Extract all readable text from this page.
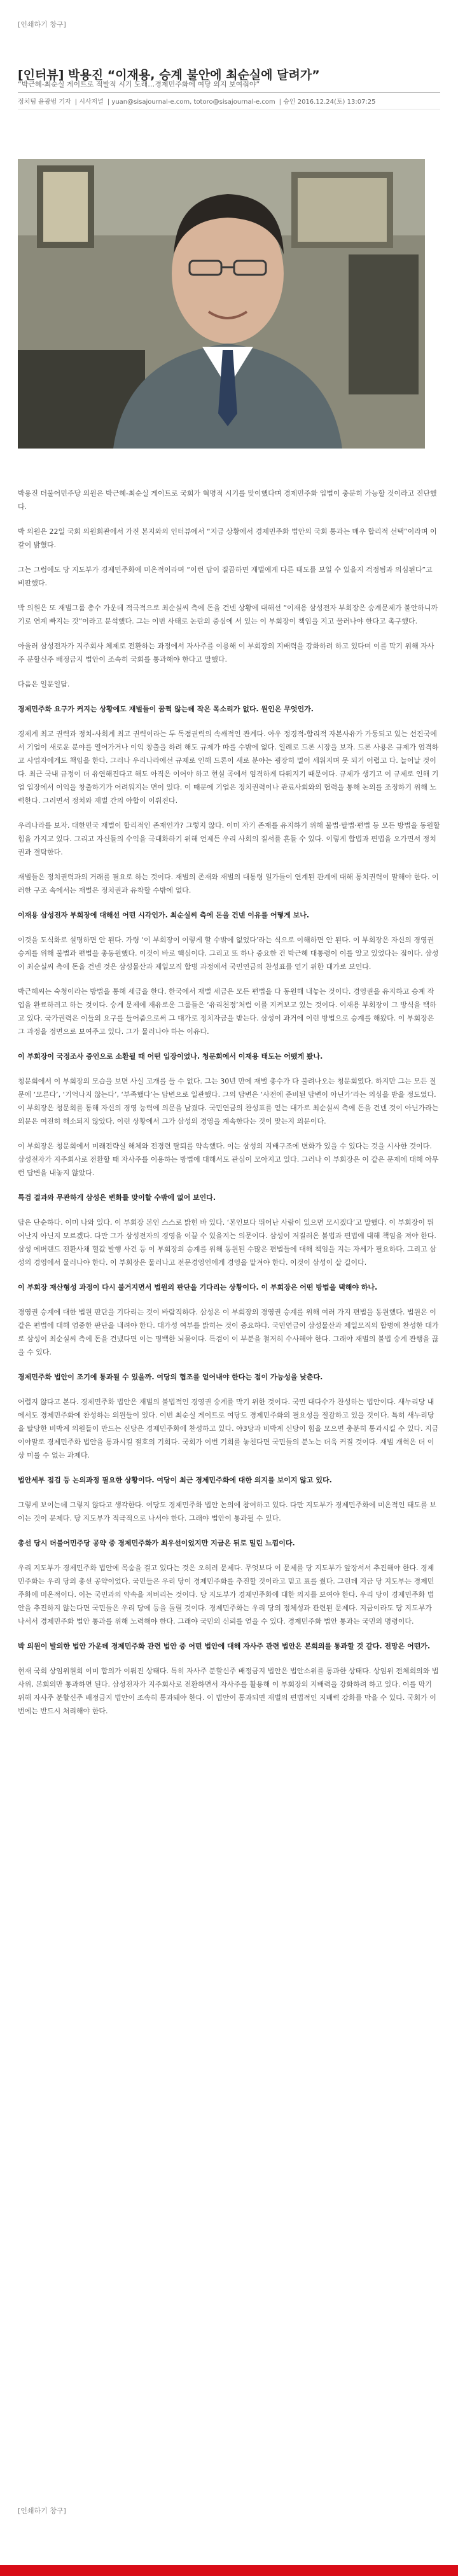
[인쇄하기 창구]
[인터뷰] 박용진 “이재용, 승계 불안에 최순실에 달려가”
“박근혜-최순실 게이트로 적발적 시기 도래…경제민주화에 여당 의지 보여줘야”
정치팀 윤광범 기자 | 시사저널 | yuan@sisajournal-e.com, totoro@sisajournal-e.com | 승인 2016.12.24(토) 13:07:25

박용진 더불어민주당 의원은 박근혜-최순실 게이트로 국회가 혁명적 시기를 맞이했다며 경제민주화 입법이 충분히 가능할 것이라고 진단했다.

박 의원은 22일 국회 의원회관에서 가진 본지와의 인터뷰에서 “지금 상황에서 경제민주화 법안의 국회 통과는 매우 합리적 선택”이라며 이같이 밝혔다.

그는 그럼에도 당 지도부가 경제민주화에 미온적이라며 “이런 답이 질끔하면 재벌에게 다른 태도를 보일 수 있을지 걱정됨과 의심된다”고 비판했다.

박 의원은 또 재벌그룹 총수 가운데 적극적으로 최순실씨 측에 돈을 건넨 상황에 대해선 “이재용 삼성전자 부회장은 승계문제가 불안하니까 기로 연계 빠지는 것”이라고 분석했다. 그는 이번 사태로 논란의 중심에 서 있는 이 부회장이 책임을 지고 물러나야 한다고 촉구했다.

아울러 삼성전자가 지주회사 체제로 전환하는 과정에서 자사주를 이용해 이 부회장의 지배력을 강화하려 하고 있다며 이를 막기 위해 자사주 분할신주 배정금지 법안이 조속히 국회를 통과해야 한다고 말했다.

다음은 일문일답.

경제민주화 요구가 커지는 상황에도 재벌들이 꿈쩍 않는데 작은 목소리가 없다. 원인은 무엇인가.

경제계 최고 권력과 정치-사회계 최고 권력이라는 두 독점권력의 속깨적인 관계다. 아우 정경적-합리적 자본사유가 가동되고 있는 선진국에서 기업이 새로운 분야를 열어가거나 이익 창출을 하려 해도 규제가 따를 수밖에 없다. 일례로 드론 시장을 보자. 드론 사용은 규제가 엄격하고 사업자에게도 책임을 한다. 그러나 우리나라에선 규제로 인해 드론이 새로 분야는 굉장히 멀어 세워지며 못 되기 어렵고 다. 늘어날 것이다. 최근 국내 규정이 더 유연해진다고 해도 아직은 이어야 하고 현실 곡에서 엄격하게 다뤄지기 때문이다. 규제가 생기고 이 규제로 인해 기업 입장에서 이익을 창출하기가 어려워지는 면이 있다. 이 때문에 기업은 정치권력이나 관료사회와의 협력을 통해 논의를 조정하기 위해 노력한다. 그러면서 정치와 재벌 간의 야합이 이뤄진다.

우리나라를 보자. 대한민국 재벌이 합리적인 존재인가? 그렇지 않다. 이미 자기 존재를 유지하기 위해 불법·탈법·편법 등 모든 방법을 동원할 힘을 가지고 있다. 그리고 자신들의 수익을 극대화하기 위해 언제든 우리 사회의 질서를 흔들 수 있다. 이렇게 합법과 편법을 오가면서 정치권과 결탁한다.

재벌들은 정치권력과의 거래를 필요로 하는 것이다. 재벌의 존재와 재벌의 대통령 일가들이 연계된 관계에 대해 통치권력이 말해야 한다. 이러한 구조 속에서는 재벌은 정치권과 유착할 수밖에 없다.

이재용 삼성전자 부회장에 대해선 어떤 시각인가. 최순실씨 측에 돈을 건넨 이유를 어떻게 보나.

이것을 도식화로 설명하면 안 된다. 가령 ‘이 부회장이 이렇게 할 수밖에 없었다’라는 식으로 이해하면 안 된다. 이 부회장은 자신의 경영권 승계를 위해 불법과 편법을 총동원했다. 이것이 바로 핵심이다. 그리고 또 하나 중요한 건 박근혜 대통령이 이를 알고 있었다는 점이다. 삼성이 최순실씨 측에 돈을 건넨 것은 삼성물산과 제일모직 합병 과정에서 국민연금의 찬성표를 얻기 위한 대가로 보인다.

박근혜씨는 숙청이라는 방법을 통해 세금을 한다. 한국에서 재벌 세금은 모든 편법을 다 동원해 내놓는 것이다. 경영권을 유지하고 승계 작업을 완료하려고 하는 것이다. 승계 문제에 재유로운 그룹들은 ‘유리천정’처럼 이를 지켜보고 있는 것이다. 이재용 부회장이 그 방식을 택하고 있다. 국가권력은 이들의 요구를 들어줌으로써 그 대가로 정치자금을 받는다. 삼성이 과거에 이런 방법으로 승계를 해왔다. 이 부회장은 그 과정을 정면으로 보여주고 있다. 그가 물러나야 하는 이유다.

이 부회장이 국정조사 증인으로 소환될 때 어떤 입장이었나. 청문회에서 이재용 태도는 어땠게 봤나.

청문회에서 이 부회장의 모습을 보면 사실 고개를 들 수 없다. 그는 30년 만에 재벌 총수가 다 불려나오는 청문회였다. 하지만 그는 모든 질문에 ‘모른다’, ‘기억나지 않는다’, ‘부족했다’는 답변으로 일관했다. 그의 답변은 ‘사전에 준비된 답변이 아닌가’라는 의심을 받을 정도였다. 이 부회장은 청문회를 통해 자신의 경영 능력에 의문을 남겼다. 국민연금의 찬성표를 얻는 대가로 최순실씨 측에 돈을 건넨 것이 아닌가라는 의문은 여전히 해소되지 않았다. 이런 상황에서 그가 삼성의 경영을 계속한다는 것이 맞는지 의문이다.

이 부회장은 청문회에서 미래전략실 해체와 전경련 탈퇴를 약속했다. 이는 삼성의 지배구조에 변화가 있을 수 있다는 것을 시사한 것이다. 삼성전자가 지주회사로 전환할 때 자사주를 이용하는 방법에 대해서도 관심이 모아지고 있다. 그러나 이 부회장은 이 같은 문제에 대해 아무런 답변을 내놓지 않았다.

특검 결과와 무관하게 삼성은 변화를 맞이할 수밖에 없어 보인다.

답은 단순하다. 이미 나와 있다. 이 부회장 본인 스스로 밝힌 바 있다. ‘본인보다 뛰어난 사람이 있으면 모시겠다’고 말했다. 이 부회장이 뛰어난지 아닌지 모르겠다. 다만 그가 삼성전자의 경영을 이끌 수 있을지는 의문이다. 삼성이 저질러온 불법과 편법에 대해 책임을 져야 한다. 삼성 에버랜드 전환사채 헐값 발행 사건 등 이 부회장의 승계를 위해 동원된 수많은 편법들에 대해 책임을 지는 자세가 필요하다. 그리고 삼성의 경영에서 물러나야 한다. 이 부회장은 물러나고 전문경영인에게 경영을 맡겨야 한다. 이것이 삼성이 살 길이다.

이 부회장 재산형성 과정이 다시 불거지면서 법원의 판단을 기다리는 상황이다. 이 부회장은 어떤 방법을 택해야 하나.

경영권 승계에 대한 법원 판단을 기다리는 것이 바람직하다. 삼성은 이 부회장의 경영권 승계를 위해 여러 가지 편법을 동원했다. 법원은 이 같은 편법에 대해 엄중한 판단을 내려야 한다. 대가성 여부를 밝히는 것이 중요하다. 국민연금이 삼성물산과 제일모직의 합병에 찬성한 대가로 삼성이 최순실씨 측에 돈을 건넸다면 이는 명백한 뇌물이다. 특검이 이 부분을 철저히 수사해야 한다. 그래야 재벌의 불법 승계 관행을 끊을 수 있다.

경제민주화 법안이 조기에 통과될 수 있을까. 여당의 협조를 얻어내야 한다는 점이 가능성을 낮춘다.

어렵지 않다고 본다. 경제민주화 법안은 재벌의 불법적인 경영권 승계를 막기 위한 것이다. 국민 대다수가 찬성하는 법안이다. 새누리당 내에서도 경제민주화에 찬성하는 의원들이 있다. 이번 최순실 게이트로 여당도 경제민주화의 필요성을 절감하고 있을 것이다. 특히 새누리당을 탈당한 비박계 의원들이 만드는 신당은 경제민주화에 찬성하고 있다. 야3당과 비박계 신당이 힘을 모으면 충분히 통과시킬 수 있다. 지금이야말로 경제민주화 법안을 통과시킬 절호의 기회다. 국회가 이번 기회를 놓친다면 국민들의 분노는 더욱 커질 것이다. 재벌 개혁은 더 이상 미룰 수 없는 과제다.

법안세부 점검 등 논의과정 필요한 상황이다. 여당이 최근 경제민주화에 대한 의지를 보이지 않고 있다.

그렇게 보이는데 그렇지 않다고 생각한다. 여당도 경제민주화 법안 논의에 참여하고 있다. 다만 지도부가 경제민주화에 미온적인 태도를 보이는 것이 문제다. 당 지도부가 적극적으로 나서야 한다. 그래야 법안이 통과될 수 있다.

총선 당시 더불어민주당 공약 중 경제민주화가 최우선이었지만 지금은 뒤로 밀린 느낌이다.

우리 지도부가 경제민주화 법안에 목숨을 걸고 있다는 것은 오히려 문제다. 무엇보다 이 문제를 당 지도부가 앞장서서 추진해야 한다. 경제민주화는 우리 당의 총선 공약이었다. 국민들은 우리 당이 경제민주화를 추진할 것이라고 믿고 표를 줬다. 그런데 지금 당 지도부는 경제민주화에 미온적이다. 이는 국민과의 약속을 저버리는 것이다. 당 지도부가 경제민주화에 대한 의지를 보여야 한다. 우리 당이 경제민주화 법안을 추진하지 않는다면 국민들은 우리 당에 등을 돌릴 것이다. 경제민주화는 우리 당의 정체성과 관련된 문제다. 지금이라도 당 지도부가 나서서 경제민주화 법안 통과를 위해 노력해야 한다. 그래야 국민의 신뢰를 얻을 수 있다. 경제민주화 법안 통과는 국민의 명령이다.

박 의원이 발의한 법안 가운데 경제민주화 관련 법안 중 어떤 법안에 대해 자사주 관련 법안은 본회의를 통과할 것 같다. 전망은 어떤가.

현재 국회 상임위원회 이미 합의가 이뤄진 상태다. 특히 자사주 분할신주 배정금지 법안은 법안소위를 통과한 상태다. 상임위 전체회의와 법사위, 본회의만 통과하면 된다. 삼성전자가 지주회사로 전환하면서 자사주를 활용해 이 부회장의 지배력을 강화하려 하고 있다. 이를 막기 위해 자사주 분할신주 배정금지 법안이 조속히 통과돼야 한다. 이 법안이 통과되면 재벌의 편법적인 지배력 강화를 막을 수 있다. 국회가 이번에는 반드시 처리해야 한다.

[인쇄하기 창구]
